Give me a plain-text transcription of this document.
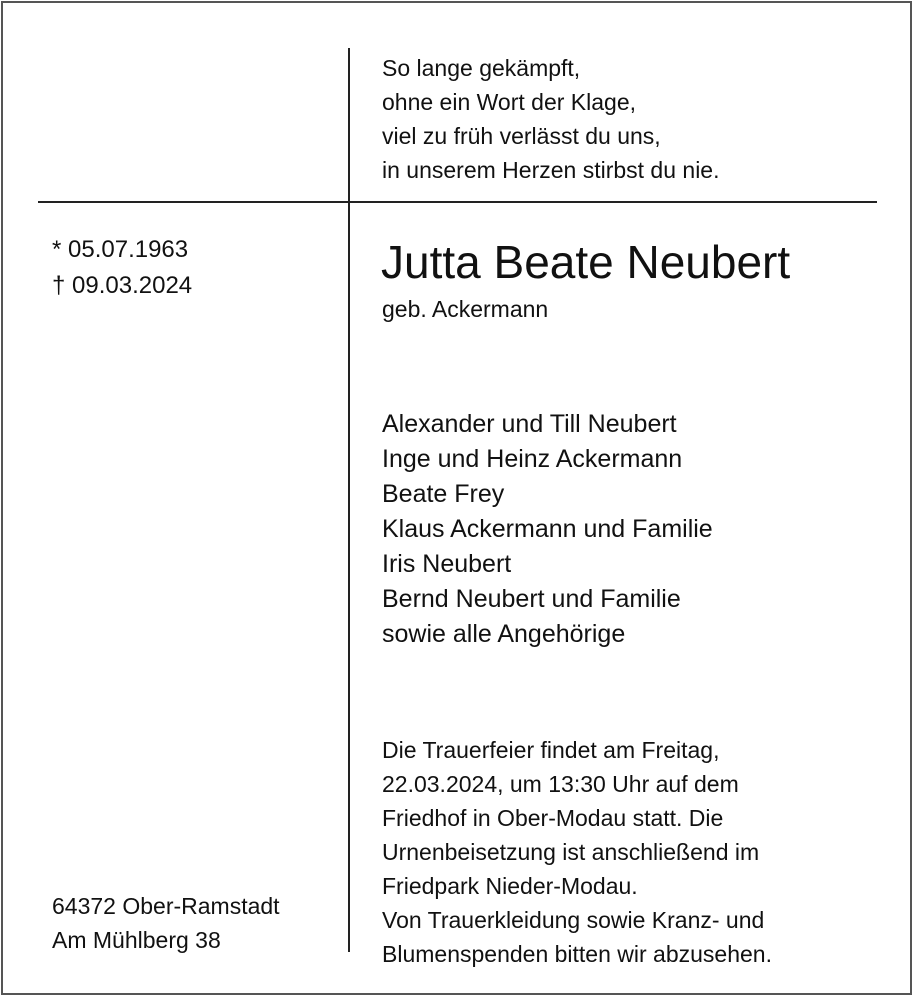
So lange gekämpft,
ohne ein Wort der Klage,
viel zu früh verlässt du uns,
in unserem Herzen stirbst du nie.
* 05.07.1963
† 09.03.2024	Jutta Beate Neubert
geb. Ackermann
Alexander und Till Neubert
Inge und Heinz Ackermann
Beate Frey
Klaus Ackermann und Familie
Iris Neubert
Bernd Neubert und Familie
sowie alle Angehörige
Die Trauerfeier findet am Freitag,
22.03.2024, um 13:30 Uhr auf dem
Friedhof in Ober-Modau statt. Die
Urnenbeisetzung ist anschließend im
Friedpark Nieder-Modau.
Von Trauerkleidung sowie Kranz- und
Blumenspenden bitten wir abzusehen.
64372 Ober-Ramstadt
Am Mühlberg 38
